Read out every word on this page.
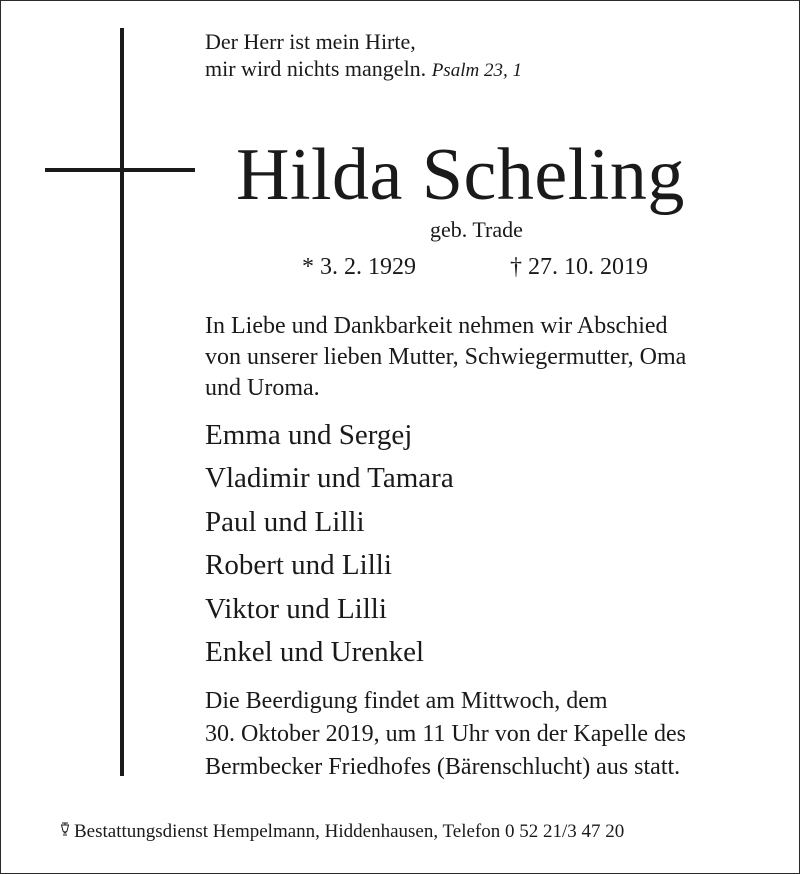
Der Herr ist mein Hirte,
mir wird nichts mangeln. Psalm 23, 1
Hilda Scheling
geb. Trade
* 3. 2. 1929	† 27. 10. 2019
In Liebe und Dankbarkeit nehmen wir Abschied
von unserer lieben Mutter, Schwiegermutter, Oma
und Uroma.
Emma und Sergej
Vladimir und Tamara
Paul und Lilli
Robert und Lilli
Viktor und Lilli
Enkel und Urenkel
Die Beerdigung findet am Mittwoch, dem
30. Oktober 2019, um 11 Uhr von der Kapelle des
Bermbecker Friedhofes (Bärenschlucht) aus statt.
Bestattungsdienst Hempelmann, Hiddenhausen, Telefon 0 52 21/3 47 20
